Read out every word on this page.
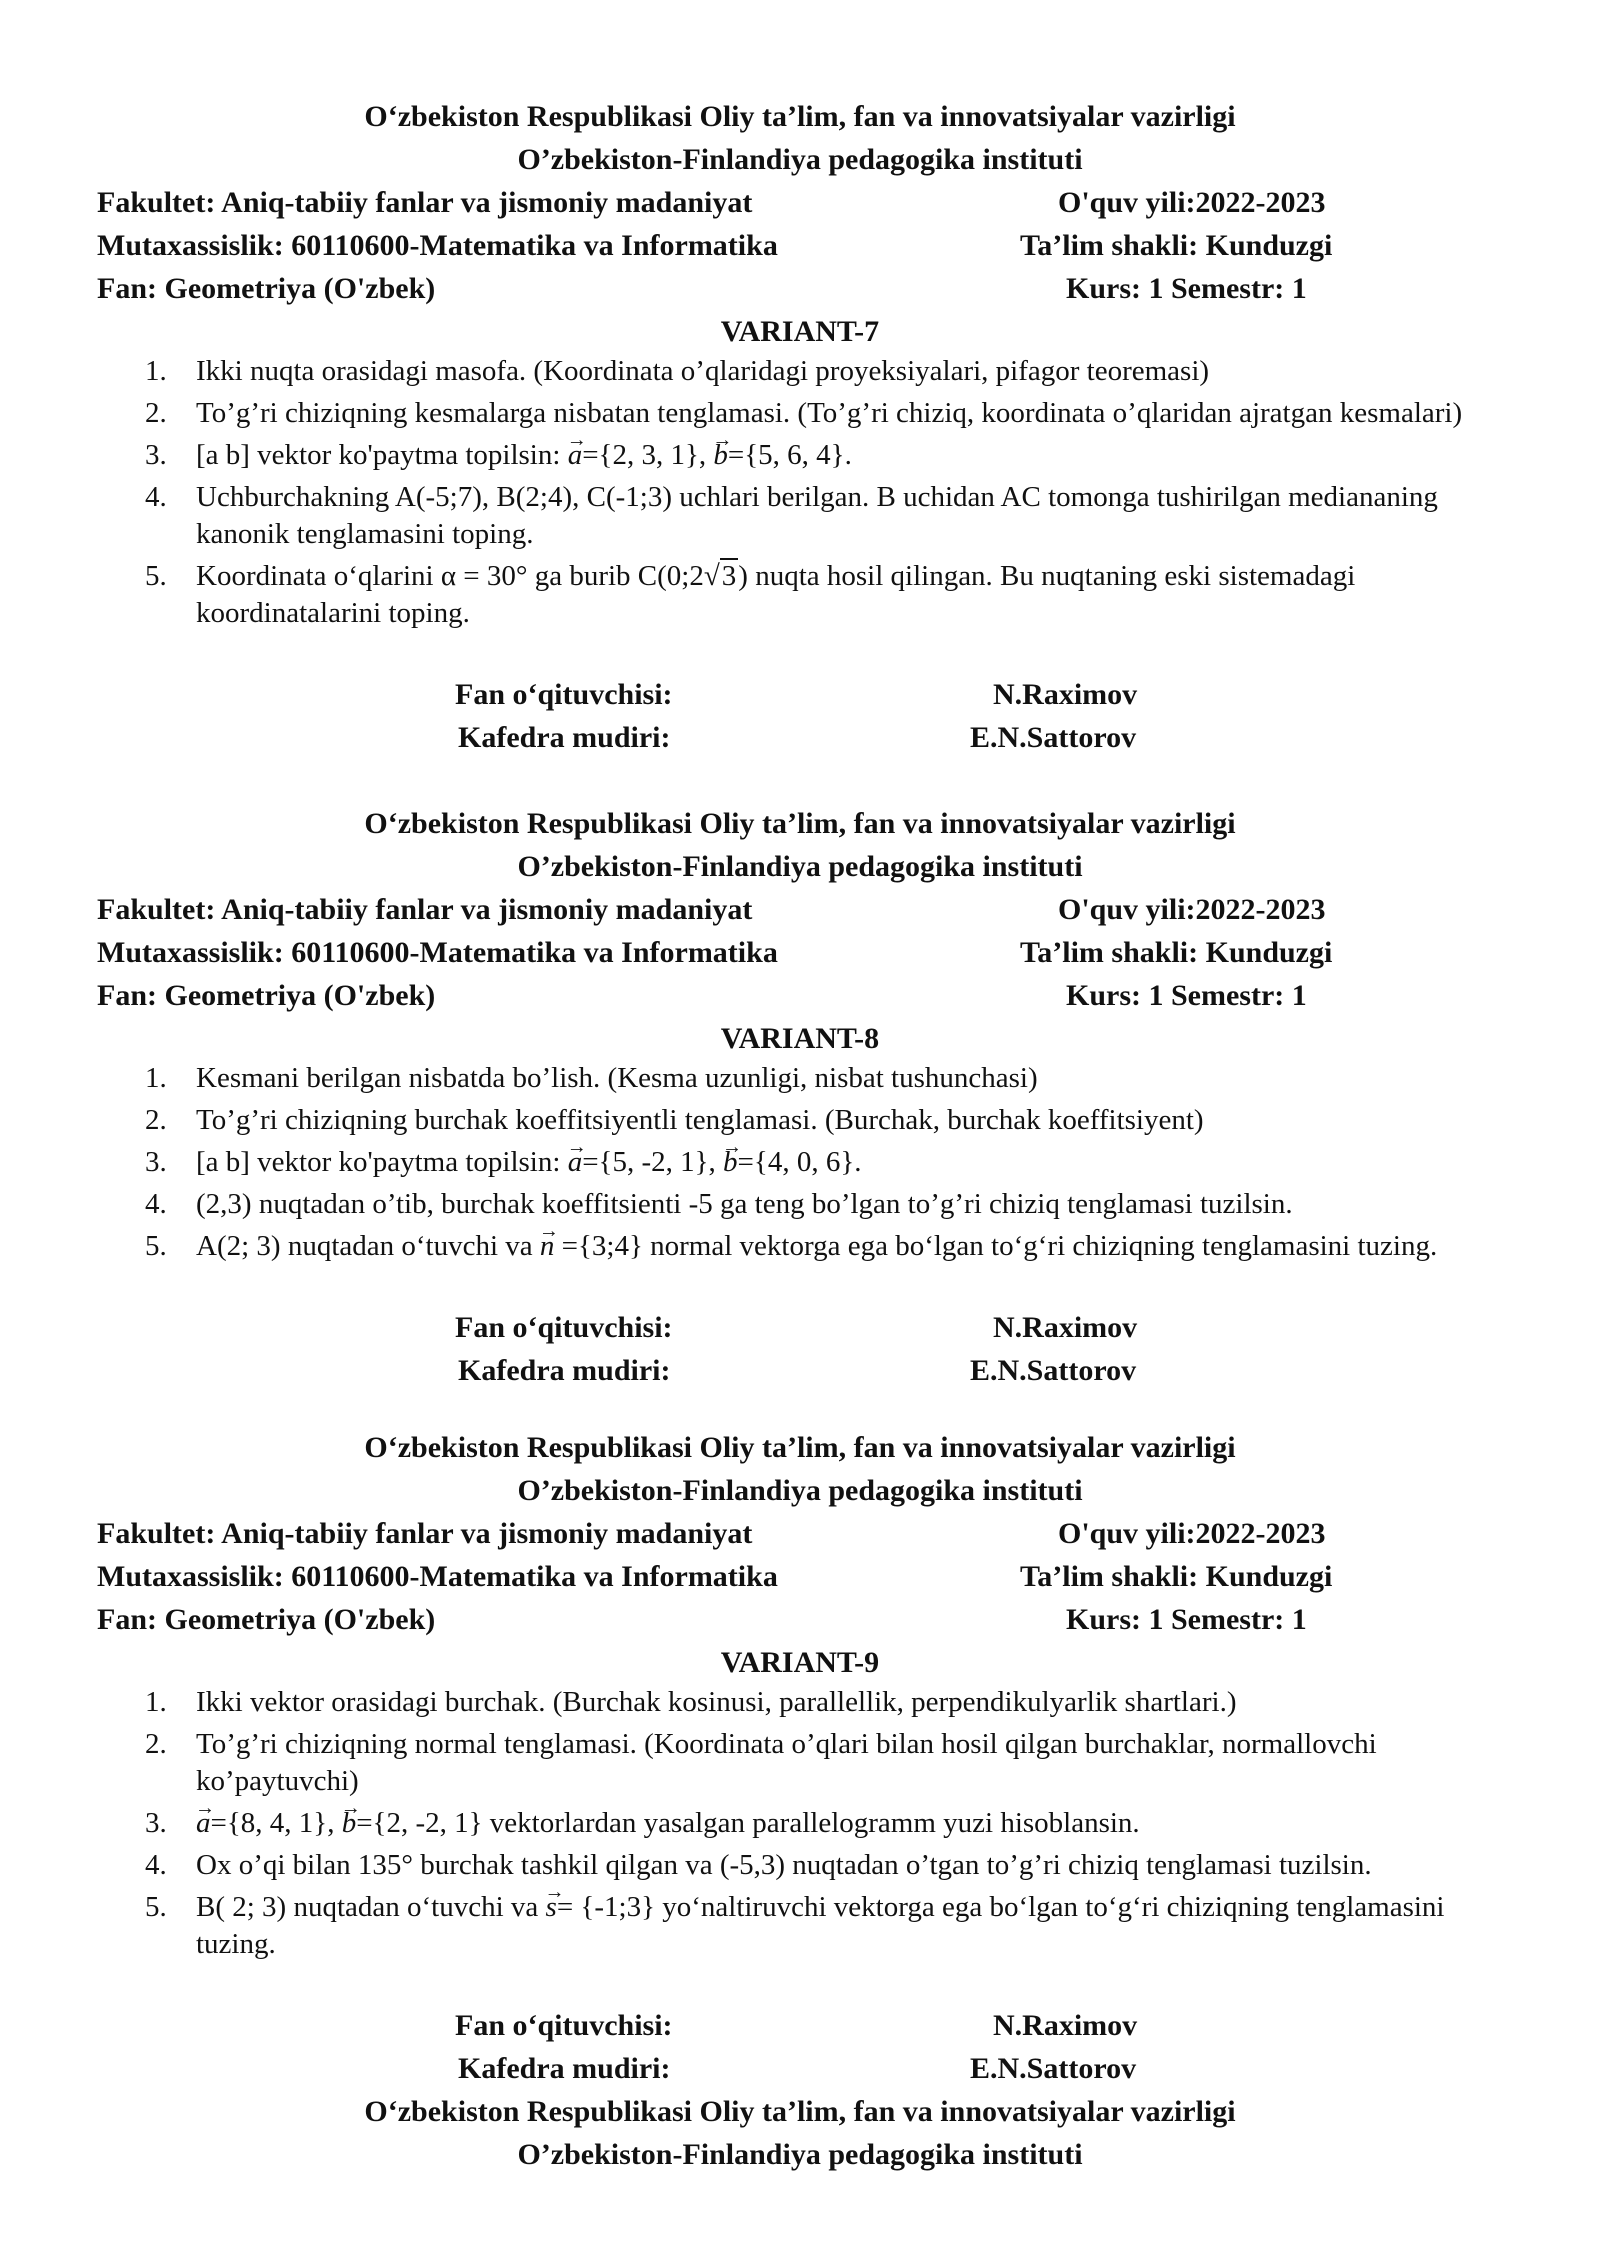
O‘zbekiston Respublikasi Oliy ta’lim, fan va innovatsiyalar vazirligi
O’zbekiston-Finlandiya pedagogika instituti
Fakultet: Aniq-tabiiy fanlar va jismoniy madaniyat	O'quv yili:2022-2023
Mutaxassislik: 60110600-Matematika va Informatika	Ta’lim shakli: Kunduzgi
Fan: Geometriya (O'zbek)	Kurs: 1 Semestr: 1
VARIANT-7
1. Ikki nuqta orasidagi masofa. (Koordinata o’qlaridagi proyeksiyalari, pifagor teoremasi)
2. To’g’ri chiziqning kesmalarga nisbatan tenglamasi. (To’g’ri chiziq, koordinata o’qlaridan ajratgan kesmalari)
3. [a b] vektor ko'paytma topilsin: → a={2, 3, 1}, → b={5, 6, 4}.
4. Uchburchakning A(-5;7), B(2;4), C(-1;3) uchlari berilgan. B uchidan AC tomonga tushirilgan mediananing kanonik tenglamasini toping.
5. Koordinata o‘qlarini α = 30° ga burib C(0;2√3) nuqta hosil qilingan. Bu nuqtaning eski sistemadagi koordinatalarini toping.
Fan o‘qituvchisi:	N.Raximov
Kafedra mudiri:	E.N.Sattorov
O‘zbekiston Respublikasi Oliy ta’lim, fan va innovatsiyalar vazirligi
O’zbekiston-Finlandiya pedagogika instituti
Fakultet: Aniq-tabiiy fanlar va jismoniy madaniyat	O'quv yili:2022-2023
Mutaxassislik: 60110600-Matematika va Informatika	Ta’lim shakli: Kunduzgi
Fan: Geometriya (O'zbek)	Kurs: 1 Semestr: 1
VARIANT-8
1. Kesmani berilgan nisbatda bo’lish. (Kesma uzunligi, nisbat tushunchasi)
2. To’g’ri chiziqning burchak koeffitsiyentli tenglamasi. (Burchak, burchak koeffitsiyent)
3. [a b] vektor ko'paytma topilsin: → a={5, -2, 1}, → b={4, 0, 6}.
4. (2,3) nuqtadan o’tib, burchak koeffitsienti -5 ga teng bo’lgan to’g’ri chiziq tenglamasi tuzilsin.
5. A(2; 3) nuqtadan o‘tuvchi va → n ={3;4} normal vektorga ega bo‘lgan to‘g‘ri chiziqning tenglamasini tuzing.
Fan o‘qituvchisi:	N.Raximov
Kafedra mudiri:	E.N.Sattorov
O‘zbekiston Respublikasi Oliy ta’lim, fan va innovatsiyalar vazirligi
O’zbekiston-Finlandiya pedagogika instituti
Fakultet: Aniq-tabiiy fanlar va jismoniy madaniyat	O'quv yili:2022-2023
Mutaxassislik: 60110600-Matematika va Informatika	Ta’lim shakli: Kunduzgi
Fan: Geometriya (O'zbek)	Kurs: 1 Semestr: 1
VARIANT-9
1. Ikki vektor orasidagi burchak. (Burchak kosinusi, parallellik, perpendikulyarlik shartlari.)
2. To’g’ri chiziqning normal tenglamasi. (Koordinata o’qlari bilan hosil qilgan burchaklar, normallovchi ko’paytuvchi)
3.
→ a={8, 4, 1}, → b={2, -2, 1} vektorlardan yasalgan parallelogramm yuzi hisoblansin.
4. Ox o’qi bilan 135° burchak tashkil qilgan va (-5,3) nuqtadan o’tgan to’g’ri chiziq tenglamasi tuzilsin.
5. B( 2; 3) nuqtadan o‘tuvchi va → s= {-1;3} yo‘naltiruvchi vektorga ega bo‘lgan to‘g‘ri chiziqning tenglamasini tuzing.
Fan o‘qituvchisi:	N.Raximov
Kafedra mudiri:	E.N.Sattorov
O‘zbekiston Respublikasi Oliy ta’lim, fan va innovatsiyalar vazirligi
O’zbekiston-Finlandiya pedagogika instituti
